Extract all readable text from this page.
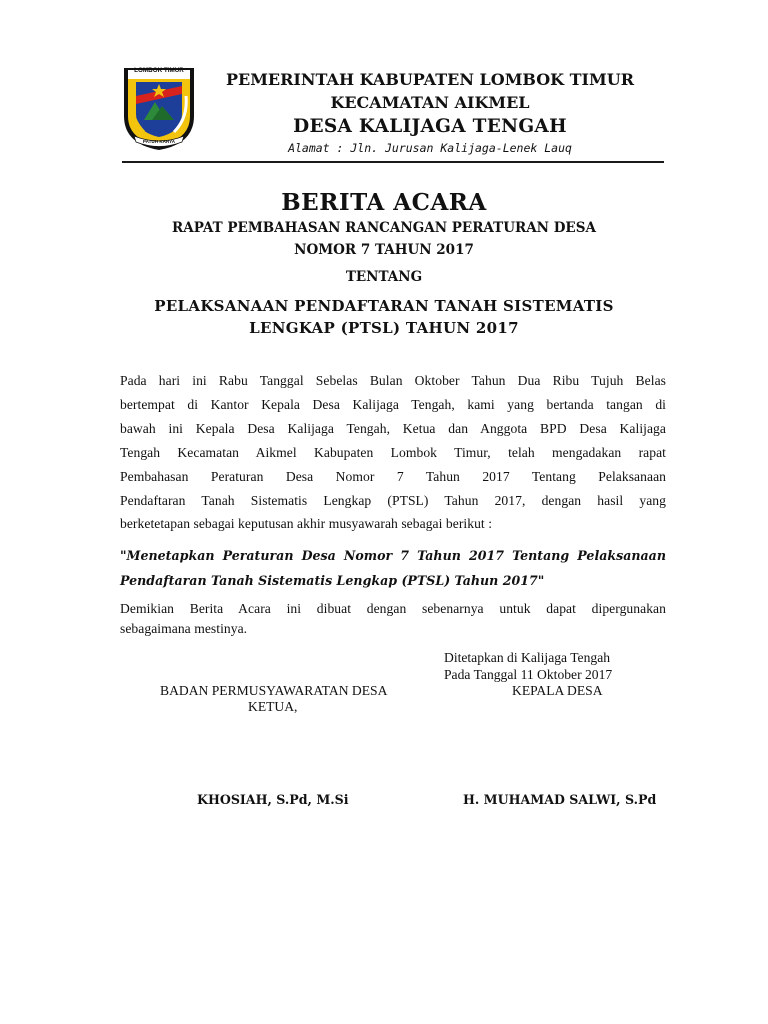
LOMBOK TIMUR
PATUH KARYA
PEMERINTAH KABUPATEN LOMBOK TIMUR
KECAMATAN AIKMEL
DESA KALIJAGA TENGAH
Alamat : Jln. Jurusan Kalijaga-Lenek Lauq
BERITA ACARA
RAPAT PEMBAHASAN RANCANGAN PERATURAN DESA
NOMOR 7 TAHUN 2017
TENTANG
PELAKSANAAN PENDAFTARAN TANAH SISTEMATIS
LENGKAP (PTSL) TAHUN 2017
Pada hari ini Rabu Tanggal Sebelas Bulan Oktober Tahun Dua Ribu Tujuh Belas
bertempat di Kantor Kepala Desa Kalijaga Tengah, kami yang bertanda tangan di
bawah ini Kepala Desa Kalijaga Tengah, Ketua dan Anggota BPD Desa Kalijaga
Tengah Kecamatan Aikmel Kabupaten Lombok Timur, telah mengadakan rapat
Pembahasan Peraturan Desa Nomor 7 Tahun 2017 Tentang Pelaksanaan
Pendaftaran Tanah Sistematis Lengkap (PTSL) Tahun 2017, dengan hasil yang
berketetapan sebagai keputusan akhir musyawarah sebagai berikut :
"Menetapkan Peraturan Desa Nomor 7 Tahun 2017 Tentang Pelaksanaan
Pendaftaran Tanah Sistematis Lengkap (PTSL) Tahun 2017"
Demikian Berita Acara ini dibuat dengan sebenarnya untuk dapat dipergunakan
sebagaimana mestinya.
Ditetapkan di Kalijaga Tengah
Pada Tanggal 11 Oktober 2017
KEPALA DESA
BADAN PERMUSYAWARATAN DESA
KETUA,
KHOSIAH, S.Pd, M.Si	H. MUHAMAD SALWI, S.Pd
